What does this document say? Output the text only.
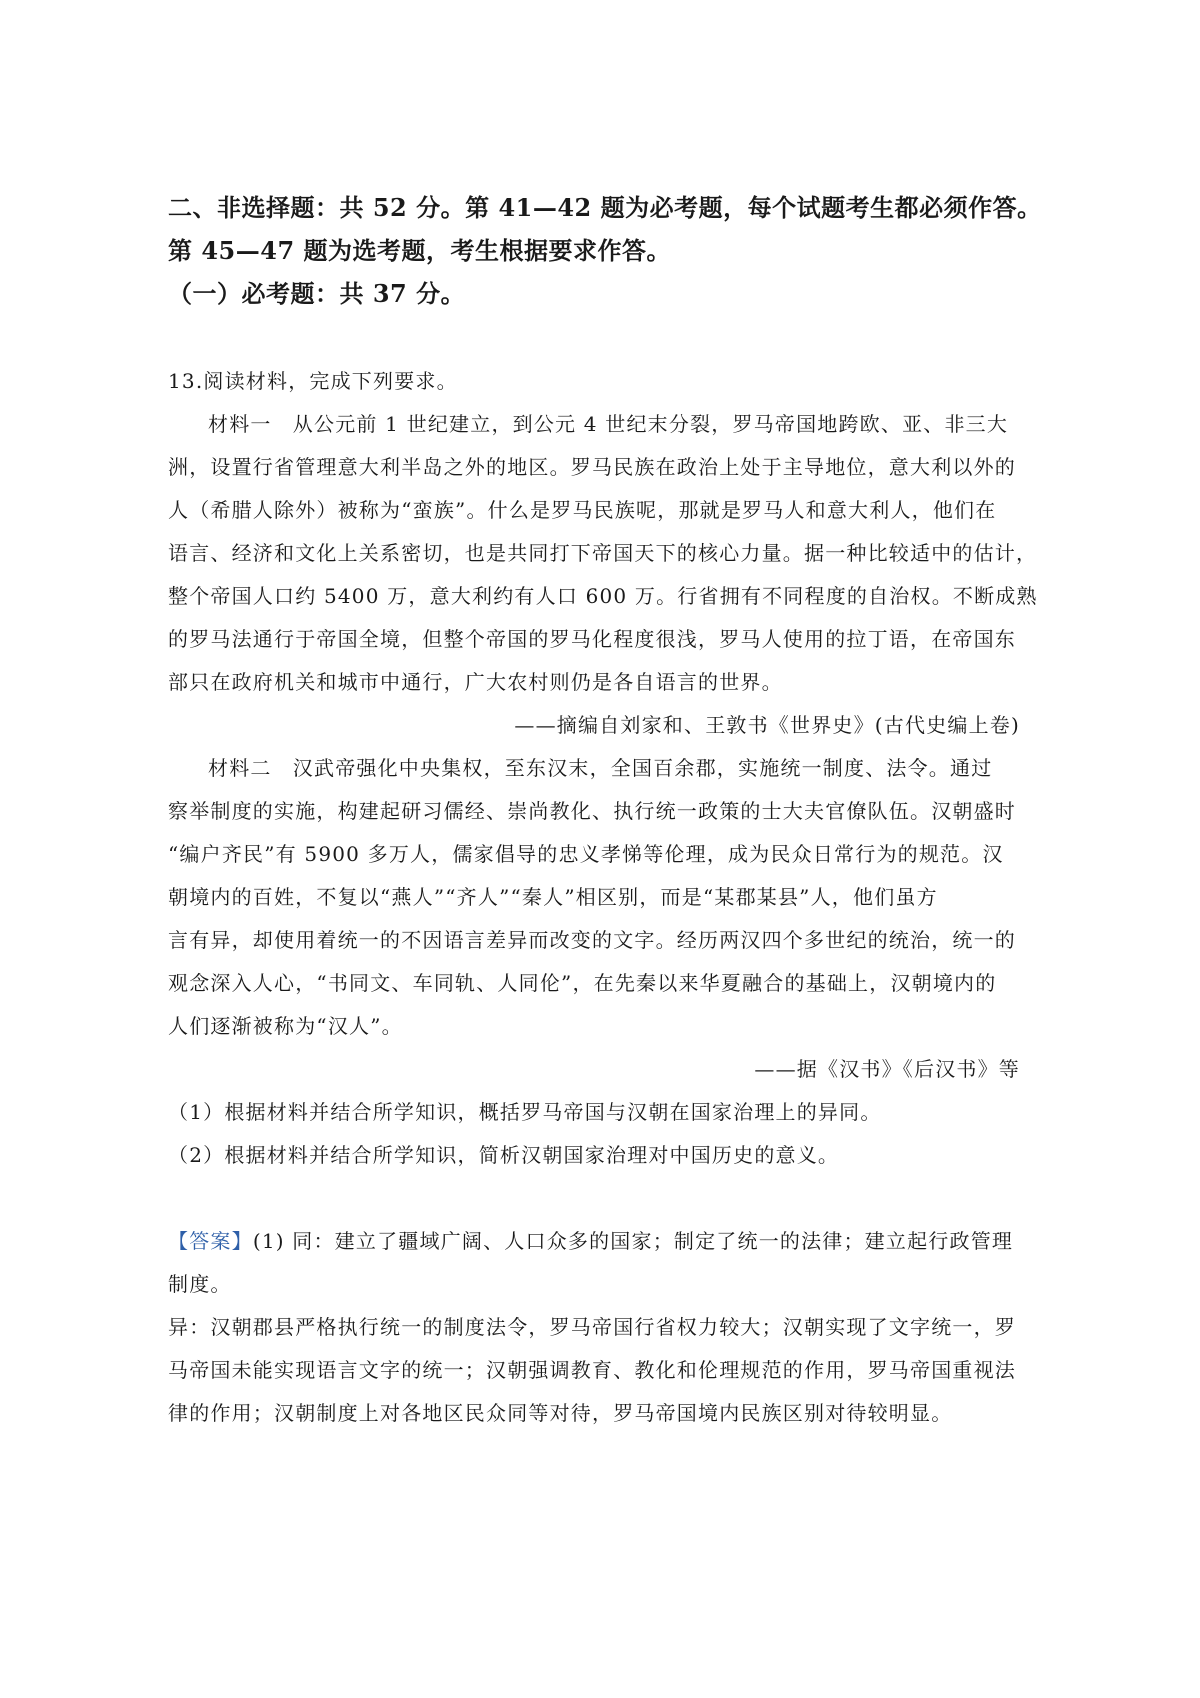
二、非选择题：共 52 分。第 41—42 题为必考题，每个试题考生都必须作答。

第 45—47 题为选考题，考生根据要求作答。

（一）必考题：共 37 分。

13.阅读材料，完成下列要求。

材料一　从公元前 1 世纪建立，到公元 4 世纪末分裂，罗马帝国地跨欧、亚、非三大

洲，设置行省管理意大利半岛之外的地区。罗马民族在政治上处于主导地位，意大利以外的

人（希腊人除外）被称为“蛮族”。什么是罗马民族呢，那就是罗马人和意大利人，他们在

语言、经济和文化上关系密切，也是共同打下帝国天下的核心力量。据一种比较适中的估计，

整个帝国人口约 5400 万，意大利约有人口 600 万。行省拥有不同程度的自治权。不断成熟

的罗马法通行于帝国全境，但整个帝国的罗马化程度很浅，罗马人使用的拉丁语，在帝国东

部只在政府机关和城市中通行，广大农村则仍是各自语言的世界。

——摘编自刘家和、王敦书《世界史》(古代史编上卷)

材料二　汉武帝强化中央集权，至东汉末，全国百余郡，实施统一制度、法令。通过

察举制度的实施，构建起研习儒经、崇尚教化、执行统一政策的士大夫官僚队伍。汉朝盛时

“编户齐民”有 5900 多万人，儒家倡导的忠义孝悌等伦理，成为民众日常行为的规范。汉

朝境内的百姓，不复以“燕人”“齐人”“秦人”相区别，而是“某郡某县”人，他们虽方

言有异，却使用着统一的不因语言差异而改变的文字。经历两汉四个多世纪的统治，统一的

观念深入人心，“书同文、车同轨、人同伦”，在先秦以来华夏融合的基础上，汉朝境内的

人们逐渐被称为“汉人”。

——据《汉书》《后汉书》等

（1）根据材料并结合所学知识，概括罗马帝国与汉朝在国家治理上的异同。

（2）根据材料并结合所学知识，简析汉朝国家治理对中国历史的意义。

【答案】(1) 同：建立了疆域广阔、人口众多的国家；制定了统一的法律；建立起行政管理

制度。

异：汉朝郡县严格执行统一的制度法令，罗马帝国行省权力较大；汉朝实现了文字统一，罗

马帝国未能实现语言文字的统一；汉朝强调教育、教化和伦理规范的作用，罗马帝国重视法

律的作用；汉朝制度上对各地区民众同等对待，罗马帝国境内民族区别对待较明显。
